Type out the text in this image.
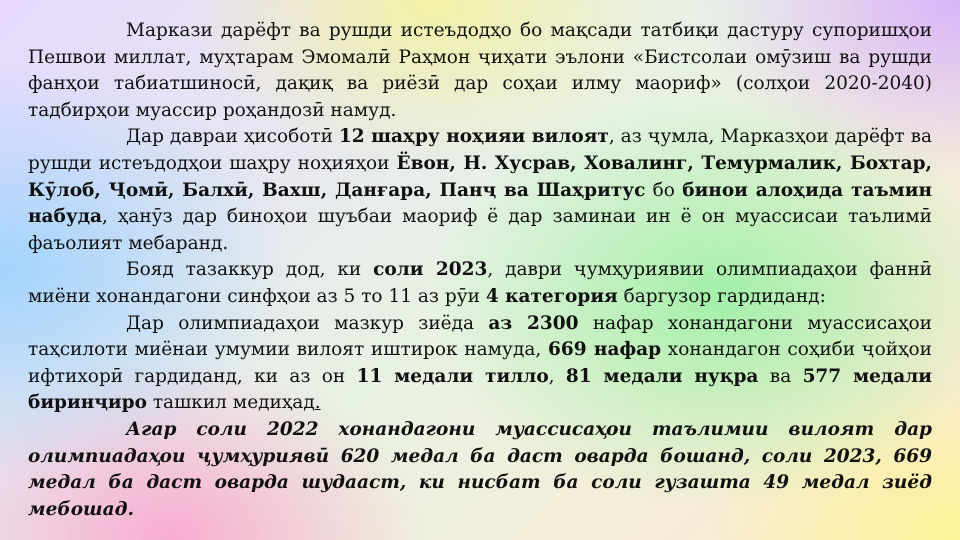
Маркази дарёфт ва рушди истеъдодҳо бо мақсади татбиқи дастуру супоришҳои Пешвои миллат, муҳтарам Эмомалӣ Раҳмон ҷиҳати эълони «Бистсолаи омӯзиш ва рушди фанҳои табиатшиносӣ, дақиқ ва риёзӣ дар соҳаи илму маориф» (солҳои 2020-2040) тадбирҳои муассир роҳандозӣ намуд.

Дар давраи ҳисоботӣ 12 шаҳру ноҳияи вилоят, аз ҷумла, Марказҳои дарёфт ва рушди истеъдодҳои шаҳру ноҳияҳои Ёвон, Н. Хусрав, Ховалинг, Темурмалик, Бохтар, Кӯлоб, Ҷомӣ, Балхӣ, Вахш, Данғара, Панҷ ва Шаҳритус бо бинои алоҳида таъмин набуда, ҳанӯз дар биноҳои шуъбаи маориф ё дар заминаи ин ё он муассисаи таълимӣ фаъолият мебаранд.

Бояд тазаккур дод, ки соли 2023, даври ҷумҳуриявии олимпиадаҳои фаннӣ миёни хонандагони синфҳои аз 5 то 11 аз рӯи 4 категория баргузор гардиданд:

Дар олимпиадаҳои мазкур зиёда аз 2300 нафар хонандагони муассисаҳои таҳсилоти миёнаи умумии вилоят иштирок намуда, 669 нафар хонандагон соҳиби ҷойҳои ифтихорӣ гардиданд, ки аз он 11 медали тилло, 81 медали нуқра ва 577 медали биринҷиро ташкил медиҳад.

Агар соли 2022 хонандагони муассисаҳои таълимии вилоят дар олимпиадаҳои ҷумҳуриявӣ 620 медал ба даст оварда бошанд, соли 2023, 669 медал ба даст оварда шудааст, ки нисбат ба соли гузашта 49 медал зиёд мебошад.
